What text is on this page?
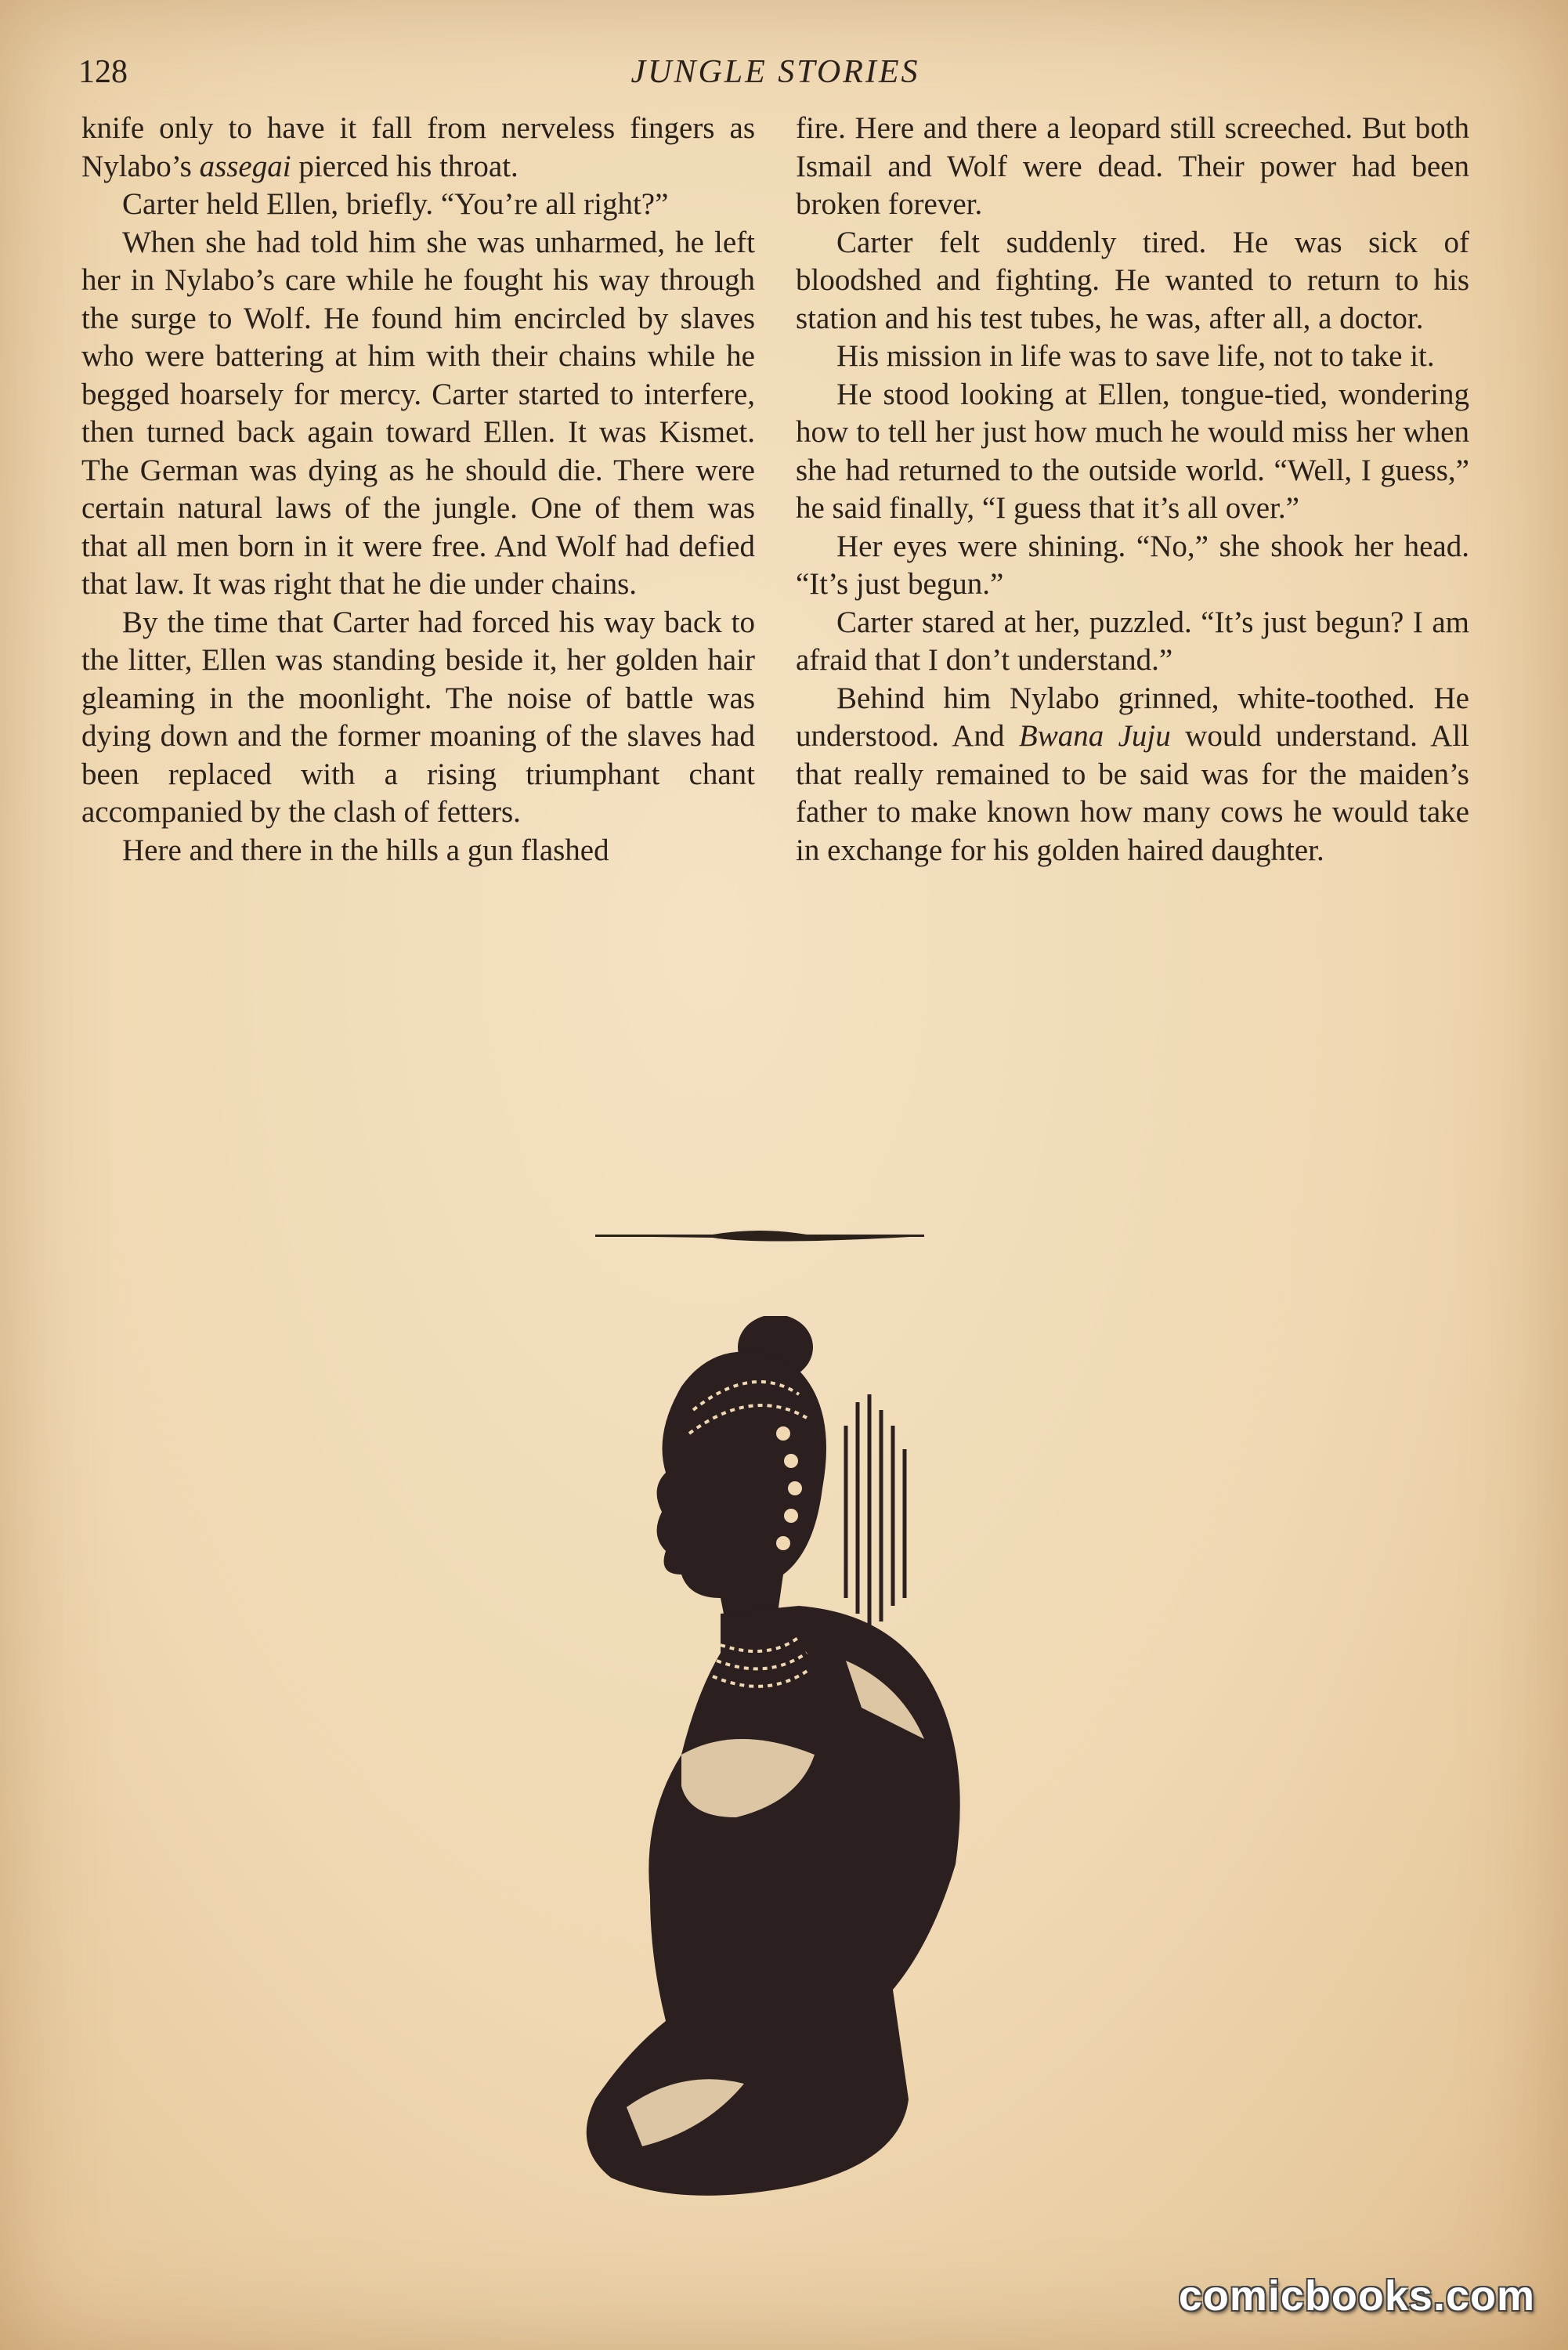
128	JUNGLE STORIES

knife only to have it fall from nerveless fingers as Nylabo’s assegai pierced his throat.

Carter held Ellen, briefly. “You’re all right?”

When she had told him she was unharmed, he left her in Nylabo’s care while he fought his way through the surge to Wolf. He found him encircled by slaves who were battering at him with their chains while he begged hoarsely for mercy. Carter started to interfere, then turned back again toward Ellen. It was Kismet. The German was dying as he should die. There were certain natural laws of the jungle. One of them was that all men born in it were free. And Wolf had defied that law. It was right that he die under chains.

By the time that Carter had forced his way back to the litter, Ellen was standing beside it, her golden hair gleaming in the moonlight. The noise of battle was dying down and the former moaning of the slaves had been replaced with a rising triumphant chant accompanied by the clash of fetters.

Here and there in the hills a gun flashed

fire. Here and there a leopard still screeched. But both Ismail and Wolf were dead. Their power had been broken forever.

Carter felt suddenly tired. He was sick of bloodshed and fighting. He wanted to return to his station and his test tubes, he was, after all, a doctor.

His mission in life was to save life, not to take it.

He stood looking at Ellen, tongue-tied, wondering how to tell her just how much he would miss her when she had returned to the outside world. “Well, I guess,” he said finally, “I guess that it’s all over.”

Her eyes were shining. “No,” she shook her head. “It’s just begun.”

Carter stared at her, puzzled. “It’s just begun? I am afraid that I don’t understand.”

Behind him Nylabo grinned, white-toothed. He understood. And Bwana Juju would understand. All that really remained to be said was for the maiden’s father to make known how many cows he would take in exchange for his golden haired daughter.

comicbooks.com
